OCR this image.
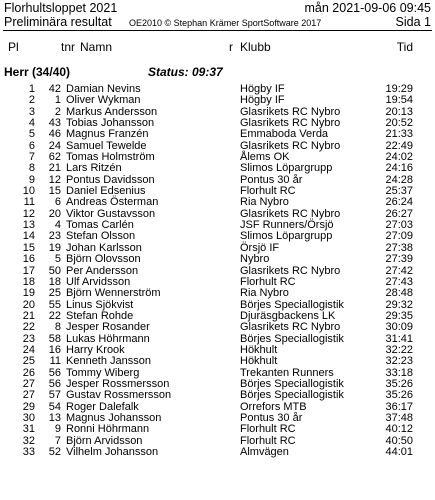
Florhultsloppet 2021
Preliminära resultat OE2010 © Stephan Krämer SportSoftware 2017
mån 2021-09-06 09:45
Sida 1
Pl	tnr Namn	r Klubb	Tid
Herr (34/40)	Status: 09:37
1 42 Damian Nevins	Högby IF	19:29
2 1 Oliver Wykman	Högby IF	19:54
3 2 Markus Andersson	Glasrikets RC Nybro	20:13
4 43 Tobias Johansson	Glasrikets RC Nybro	20:52
5 46 Magnus Franzén	Emmaboda Verda	21:33
6 24 Samuel Tewelde	Glasrikets RC Nybro	22:49
7 62 Tomas Holmström	Ålems OK	24:02
8 21 Lars Ritzén	Slimos Löpargrupp	24:16
9 12 Pontus Davidsson	Pontus 30 år	24:28
10 15 Daniel Edsenius	Florhult RC	25:37
11 6 Andreas Österman	Ria Nybro	26:24
12 20 Viktor Gustavsson	Glasrikets RC Nybro	26:27
13 4 Tomas Carlén	JSF Runners/Örsjö	27:03
14 23 Stefan Olsson	Slimos Löpargrupp	27:09
15 19 Johan Karlsson	Örsjö IF	27:38
16 5 Björn Olovsson	Nybro	27:39
17 50 Per Andersson	Glasrikets RC Nybro	27:42
18 18 Ulf Arvidsson	Florhult RC	27:43
19 25 Björn Wennerström	Ria Nybro	28:48
20 55 Linus Sjökvist	Börjes Speciallogistik	29:32
21 22 Stefan Rohde	Djuräsgbackens LK	29:35
22 8 Jesper Rosander	Glasrikets RC Nybro	30:09
23 58 Lukas Höhrmann	Börjes Speciallogistik	31:41
24 16 Harry Krook	Hökhult	32:22
25 11 Kenneth Jansson	Hökhult	32:23
26 56 Tommy Wiberg	Trekanten Runners	33:18
27 56 Jesper Rossmersson	Börjes Speciallogistik	35:26
27 57 Gustav Rossmersson	Börjes Speciallogistik	35:26
29 54 Roger Dalefalk	Orrefors MTB	36:17
30 13 Magnus Johansson	Pontus 30 år	37:48
31 9 Ronni Höhrmann	Florhult RC	40:12
32 7 Björn Arvidsson	Florhult RC	40:50
33 52 Vilhelm Johansson	Almvägen	44:01
